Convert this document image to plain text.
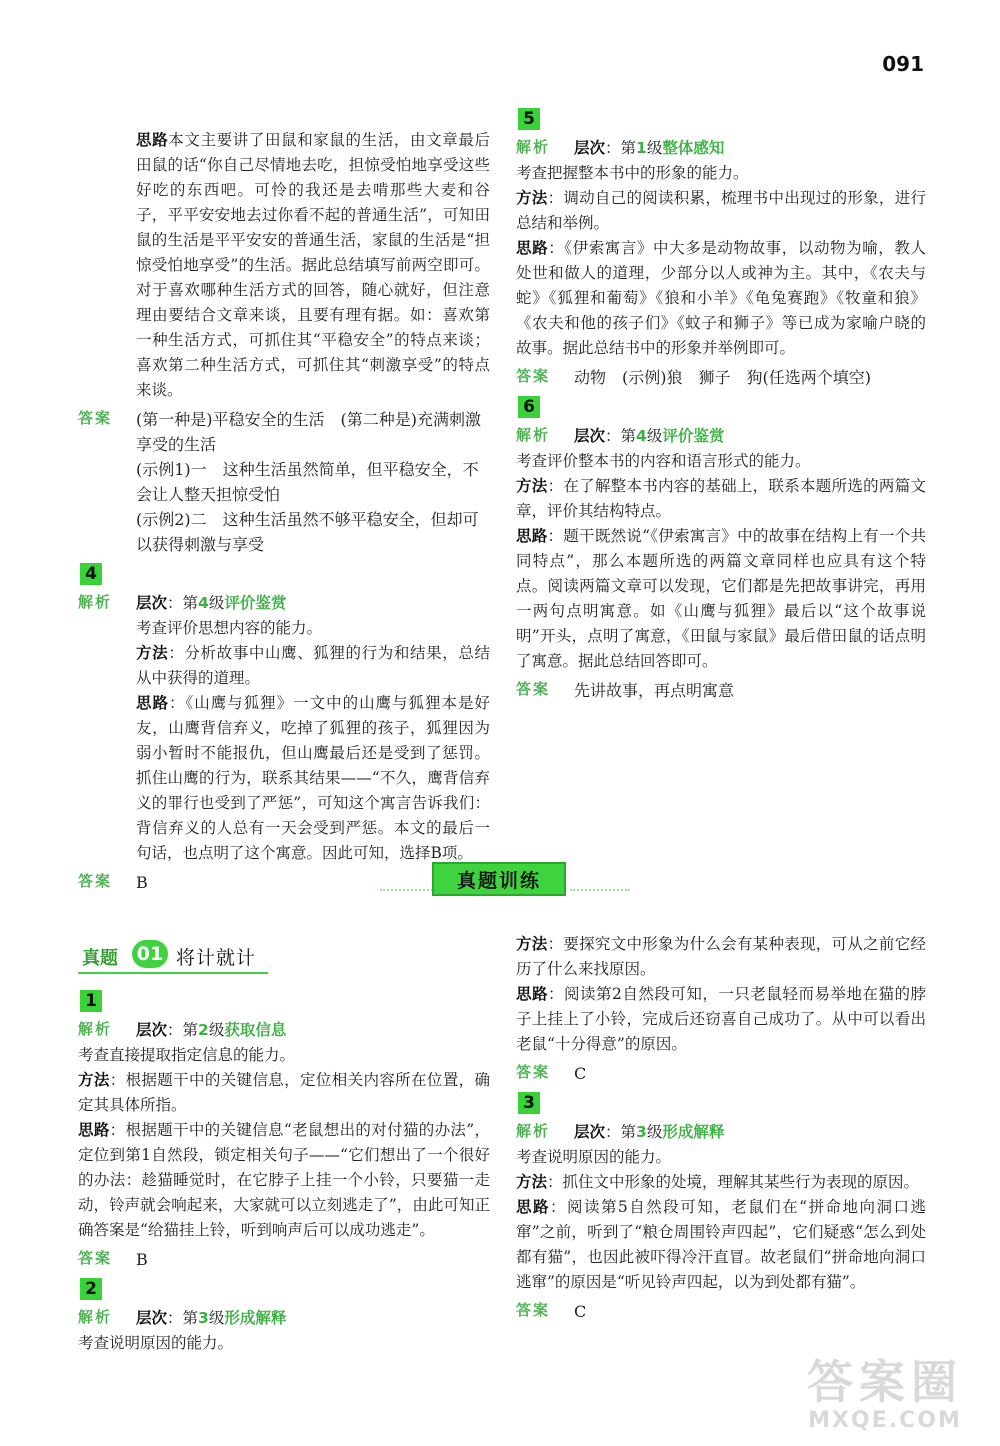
091
思路本文主要讲了田鼠和家鼠的生活，由文章最后田鼠的话“你自己尽情地去吃，担惊受怕地享受这些好吃的东西吧。可怜的我还是去啃那些大麦和谷子，平平安安地去过你看不起的普通生活”，可知田鼠的生活是平平安安的普通生活，家鼠的生活是“担惊受怕地享受”的生活。据此总结填写前两空即可。对于喜欢哪种生活方式的回答，随心就好，但注意理由要结合文章来谈，且要有理有据。如：喜欢第一种生活方式，可抓住其“平稳安全”的特点来谈；喜欢第二种生活方式，可抓住其“刺激享受”的特点来谈。
答案 (第一种是)平稳安全的生活　(第二种是)充满刺激享受的生活
(示例1)一　这种生活虽然简单，但平稳安全，不会让人整天担惊受怕
(示例2)二　这种生活虽然不够平稳安全，但却可以获得刺激与享受
4
解析 层次：第4级评价鉴赏
考查评价思想内容的能力。
方法：分析故事中山鹰、狐狸的行为和结果，总结从中获得的道理。
思路：《山鹰与狐狸》一文中的山鹰与狐狸本是好友，山鹰背信弃义，吃掉了狐狸的孩子，狐狸因为弱小暂时不能报仇，但山鹰最后还是受到了惩罚。抓住山鹰的行为，联系其结果——“不久，鹰背信弃义的罪行也受到了严惩”，可知这个寓言告诉我们：背信弃义的人总有一天会受到严惩。本文的最后一句话，也点明了这个寓意。因此可知，选择B项。
答案 B
5
解析 层次：第1级整体感知
考查把握整本书中的形象的能力。
方法：调动自己的阅读积累，梳理书中出现过的形象，进行总结和举例。
思路：《伊索寓言》中大多是动物故事，以动物为喻，教人处世和做人的道理，少部分以人或神为主。其中，《农夫与蛇》《狐狸和葡萄》《狼和小羊》《龟兔赛跑》《牧童和狼》《农夫和他的孩子们》《蚊子和狮子》等已成为家喻户晓的故事。据此总结书中的形象并举例即可。
答案 动物　(示例)狼　狮子　狗(任选两个填空)
6
解析 层次：第4级评价鉴赏
考查评价整本书的内容和语言形式的能力。
方法：在了解整本书内容的基础上，联系本题所选的两篇文章，评价其结构特点。
思路：题干既然说“《伊索寓言》中的故事在结构上有一个共同特点”，那么本题所选的两篇文章同样也应具有这个特点。阅读两篇文章可以发现，它们都是先把故事讲完，再用一两句点明寓意。如《山鹰与狐狸》最后以“这个故事说明”开头，点明了寓意，《田鼠与家鼠》最后借田鼠的话点明了寓意。据此总结回答即可。
答案 先讲故事，再点明寓意
真题训练
真题 01 将计就计
1
解析 层次：第2级获取信息
考查直接提取指定信息的能力。
方法：根据题干中的关键信息，定位相关内容所在位置，确定其具体所指。
思路：根据题干中的关键信息“老鼠想出的对付猫的办法”，定位到第1自然段，锁定相关句子——“它们想出了一个很好的办法：趁猫睡觉时，在它脖子上挂一个小铃，只要猫一走动，铃声就会响起来，大家就可以立刻逃走了”，由此可知正确答案是“给猫挂上铃，听到响声后可以成功逃走”。
答案 B
2
解析 层次：第3级形成解释
考查说明原因的能力。
方法：要探究文中形象为什么会有某种表现，可从之前它经历了什么来找原因。
思路：阅读第2自然段可知，一只老鼠轻而易举地在猫的脖子上挂上了小铃，完成后还窃喜自己成功了。从中可以看出老鼠“十分得意”的原因。
答案 C
3
解析 层次：第3级形成解释
考查说明原因的能力。
方法：抓住文中形象的处境，理解其某些行为表现的原因。
思路：阅读第5自然段可知，老鼠们在“拼命地向洞口逃窜”之前，听到了“粮仓周围铃声四起”，它们疑惑“怎么到处都有猫”，也因此被吓得冷汗直冒。故老鼠们“拼命地向洞口逃窜”的原因是“听见铃声四起，以为到处都有猫”。
答案 C
答案圈
MXQE.COM
